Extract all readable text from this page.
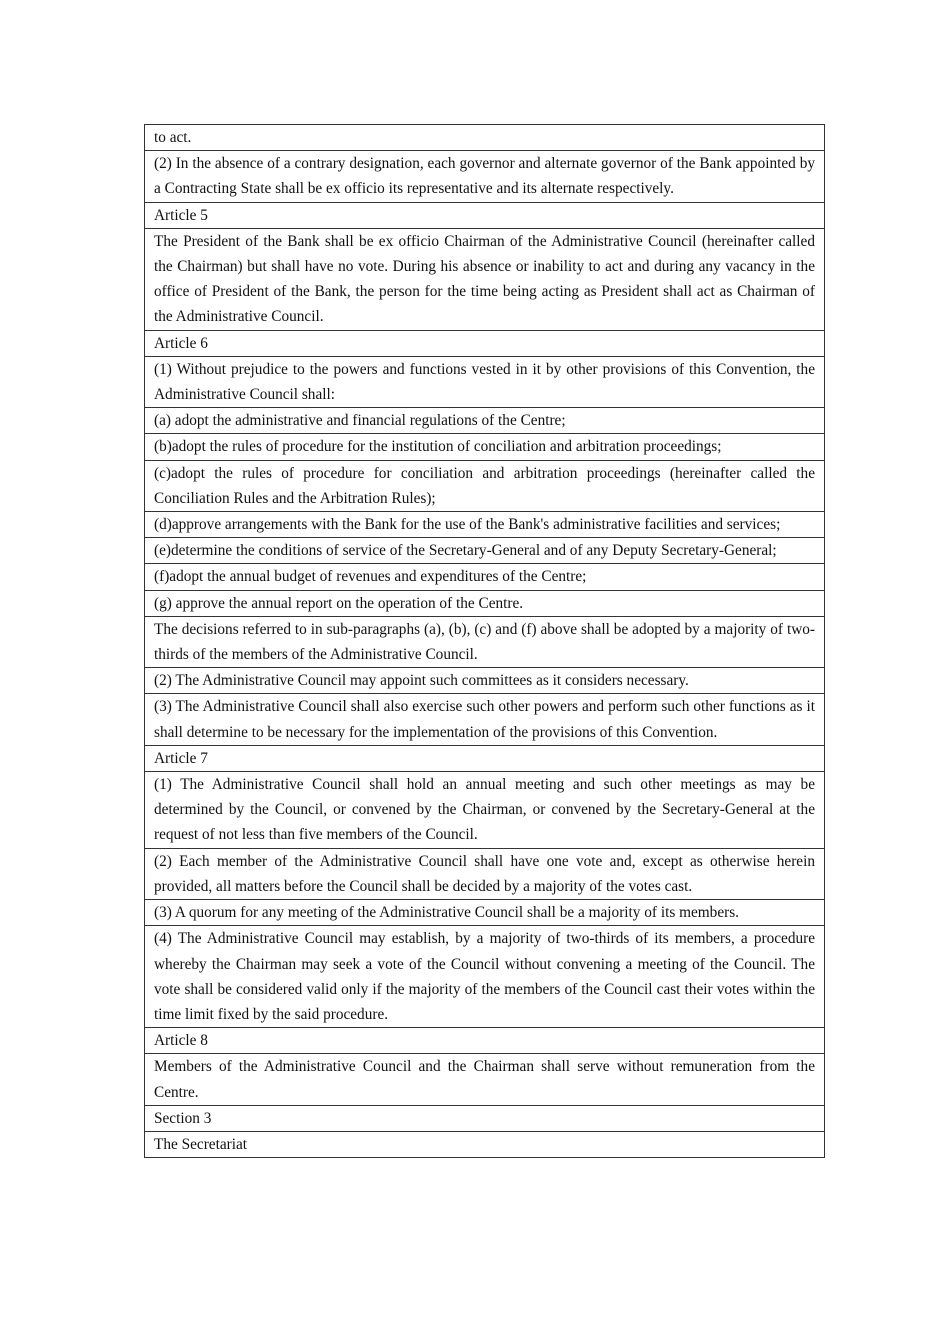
to act.
(2) In the absence of a contrary designation, each governor and alternate governor of the Bank appointed by a Contracting State shall be ex officio its representative and its alternate respectively.
Article 5
The President of the Bank shall be ex officio Chairman of the Administrative Council (hereinafter called the Chairman) but shall have no vote. During his absence or inability to act and during any vacancy in the office of President of the Bank, the person for the time being acting as President shall act as Chairman of the Administrative Council.
Article 6
(1) Without prejudice to the powers and functions vested in it by other provisions of this Convention, the Administrative Council shall:
(a) adopt the administrative and financial regulations of the Centre;
(b)adopt the rules of procedure for the institution of conciliation and arbitration proceedings;
(c)adopt the rules of procedure for conciliation and arbitration proceedings (hereinafter called the Conciliation Rules and the Arbitration Rules);
(d)approve arrangements with the Bank for the use of the Bank's administrative facilities and services;
(e)determine the conditions of service of the Secretary-General and of any Deputy Secretary-General;
(f)adopt the annual budget of revenues and expenditures of the Centre;
(g) approve the annual report on the operation of the Centre.
The decisions referred to in sub-paragraphs (a), (b), (c) and (f) above shall be adopted by a majority of two-thirds of the members of the Administrative Council.
(2) The Administrative Council may appoint such committees as it considers necessary.
(3) The Administrative Council shall also exercise such other powers and perform such other functions as it shall determine to be necessary for the implementation of the provisions of this Convention.
Article 7
(1) The Administrative Council shall hold an annual meeting and such other meetings as may be determined by the Council, or convened by the Chairman, or convened by the Secretary-General at the request of not less than five members of the Council.
(2) Each member of the Administrative Council shall have one vote and, except as otherwise herein provided, all matters before the Council shall be decided by a majority of the votes cast.
(3) A quorum for any meeting of the Administrative Council shall be a majority of its members.
(4) The Administrative Council may establish, by a majority of two-thirds of its members, a procedure whereby the Chairman may seek a vote of the Council without convening a meeting of the Council. The vote shall be considered valid only if the majority of the members of the Council cast their votes within the time limit fixed by the said procedure.
Article 8
Members of the Administrative Council and the Chairman shall serve without remuneration from the Centre.
Section 3
The Secretariat
